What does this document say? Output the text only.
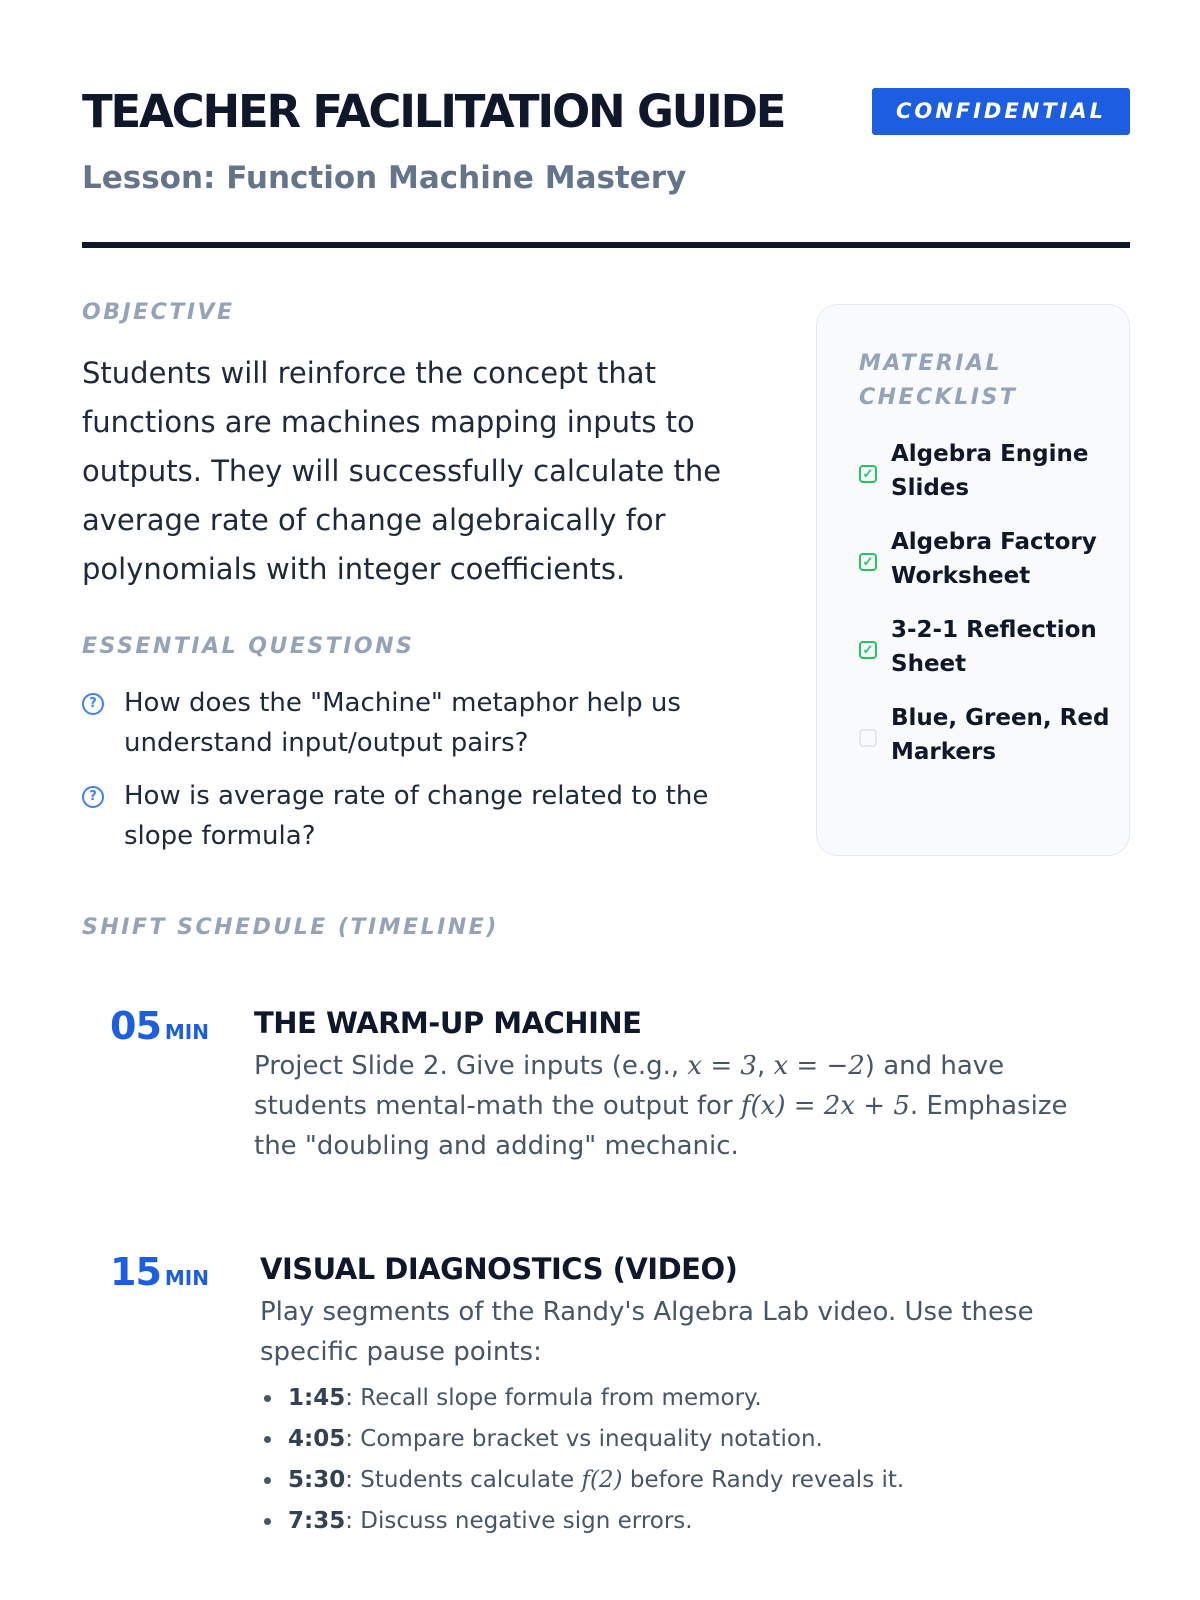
TEACHER FACILITATION GUIDE	CONFIDENTIAL
Lesson: Function Machine Mastery
OBJECTIVE

Students will reinforce the concept that functions are machines mapping inputs to outputs. They will successfully calculate the average rate of change algebraically for polynomials with integer coefficients.

ESSENTIAL QUESTIONS
? How does the "Machine" metaphor help us understand input/output pairs?
? How is average rate of change related to the slope formula?
MATERIAL CHECKLIST
✓
Algebra Engine Slides
✓
Algebra Factory Worksheet
✓
3-2-1 Reflection Sheet
Blue, Green, Red Markers
SHIFT SCHEDULE (TIMELINE)
05 MIN THE WARM-UP MACHINE

Project Slide 2. Give inputs (e.g., x = 3, x = −2) and have students mental-math the output for f(x) = 2x + 5. Emphasize the "doubling and adding" mechanic.

15 MIN VISUAL DIAGNOSTICS (VIDEO)

Play segments of the Randy's Algebra Lab video. Use these specific pause points:

1:45: Recall slope formula from memory.
4:05: Compare bracket vs inequality notation.
5:30: Students calculate f(2) before Randy reveals it.
7:35: Discuss negative sign errors.
